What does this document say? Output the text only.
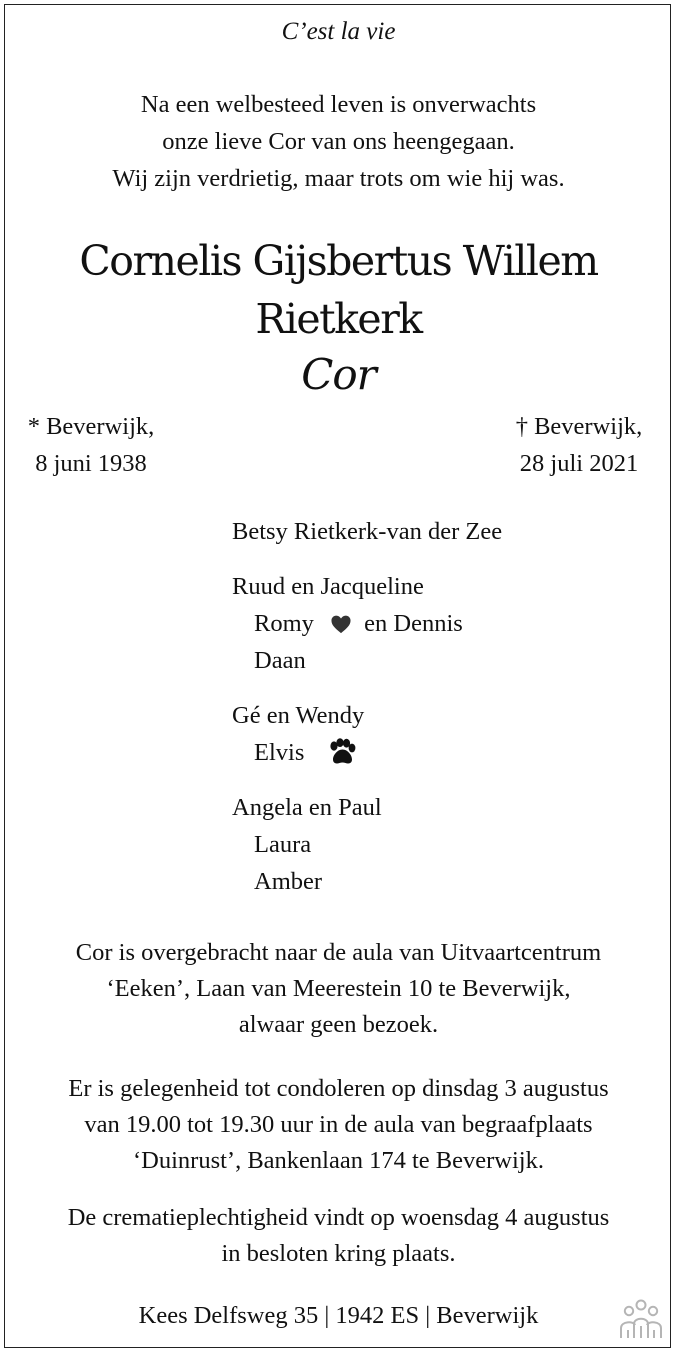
C’est la vie
Na een welbesteed leven is onverwachts
onze lieve Cor van ons heengegaan.
Wij zijn verdrietig, maar trots om wie hij was.
Cornelis Gijsbertus Willem
Rietkerk
Cor
* Beverwijk,
8 juni 1938
† Beverwijk,
28 juli 2021
Betsy Rietkerk-van der Zee
Ruud en Jacqueline
Romy en Dennis
Daan
Gé en Wendy
Elvis
Angela en Paul
Laura
Amber
Cor is overgebracht naar de aula van Uitvaartcentrum
‘Eeken’, Laan van Meerestein 10 te Beverwijk,
alwaar geen bezoek.
Er is gelegenheid tot condoleren op dinsdag 3 augustus
van 19.00 tot 19.30 uur in de aula van begraafplaats
‘Duinrust’, Bankenlaan 174 te Beverwijk.
De crematieplechtigheid vindt op woensdag 4 augustus
in besloten kring plaats.
Kees Delfsweg 35 | 1942 ES | Beverwijk
